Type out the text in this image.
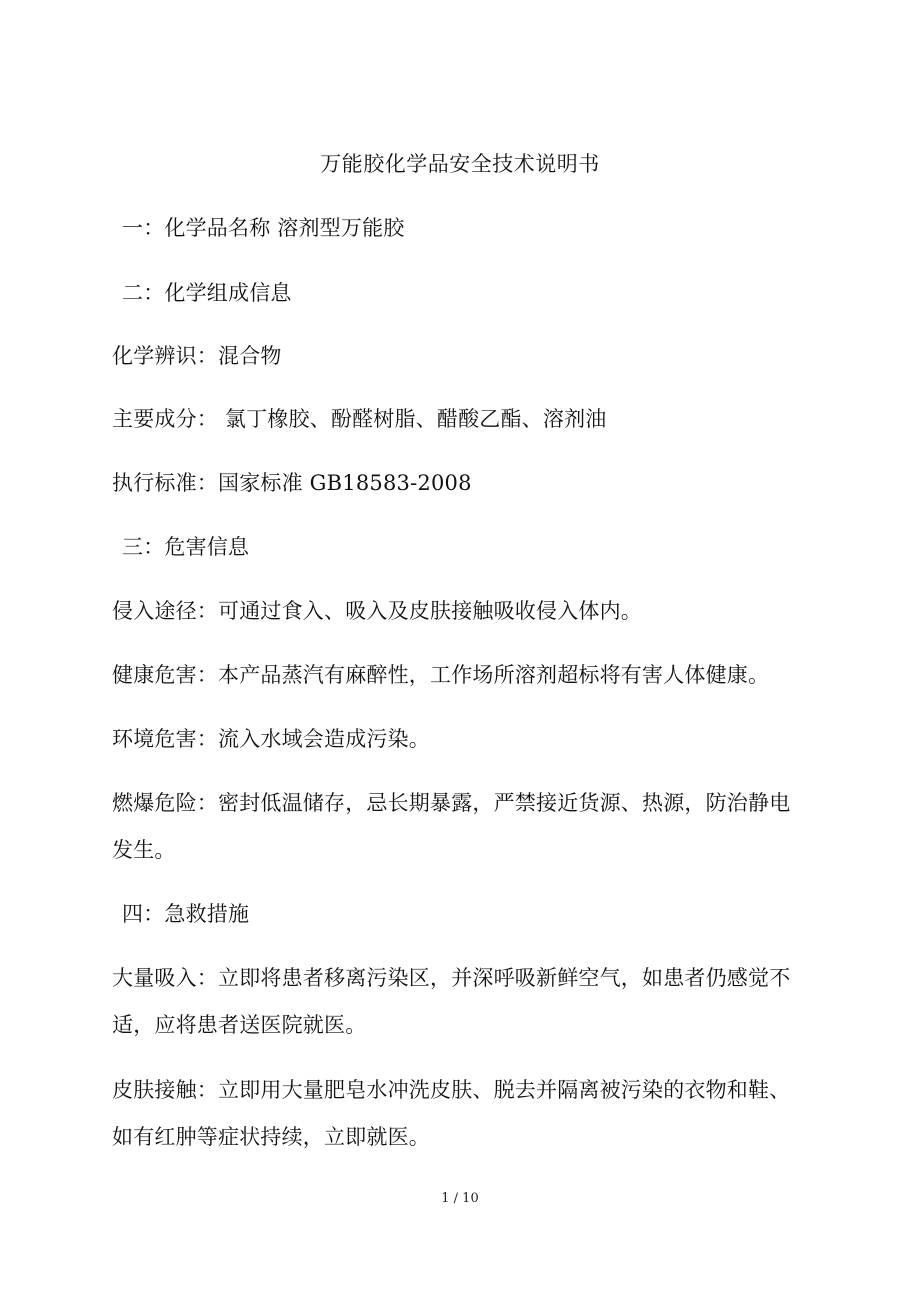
万能胶化学品安全技术说明书
一：化学品名称 溶剂型万能胶
二：化学组成信息
化学辨识：混合物
主要成分： 氯丁橡胶、酚醛树脂、醋酸乙酯、溶剂油
执行标准：国家标准 GB18583-2008
三：危害信息
侵入途径：可通过食入、吸入及皮肤接触吸收侵入体内。
健康危害：本产品蒸汽有麻醉性，工作场所溶剂超标将有害人体健康。
环境危害：流入水域会造成污染。
燃爆危险：密封低温储存，忌长期暴露，严禁接近货源、热源，防治静电
发生。
四：急救措施
大量吸入：立即将患者移离污染区，并深呼吸新鲜空气，如患者仍感觉不
适，应将患者送医院就医。
皮肤接触：立即用大量肥皂水冲洗皮肤、脱去并隔离被污染的衣物和鞋、
如有红肿等症状持续，立即就医。
1 / 10
